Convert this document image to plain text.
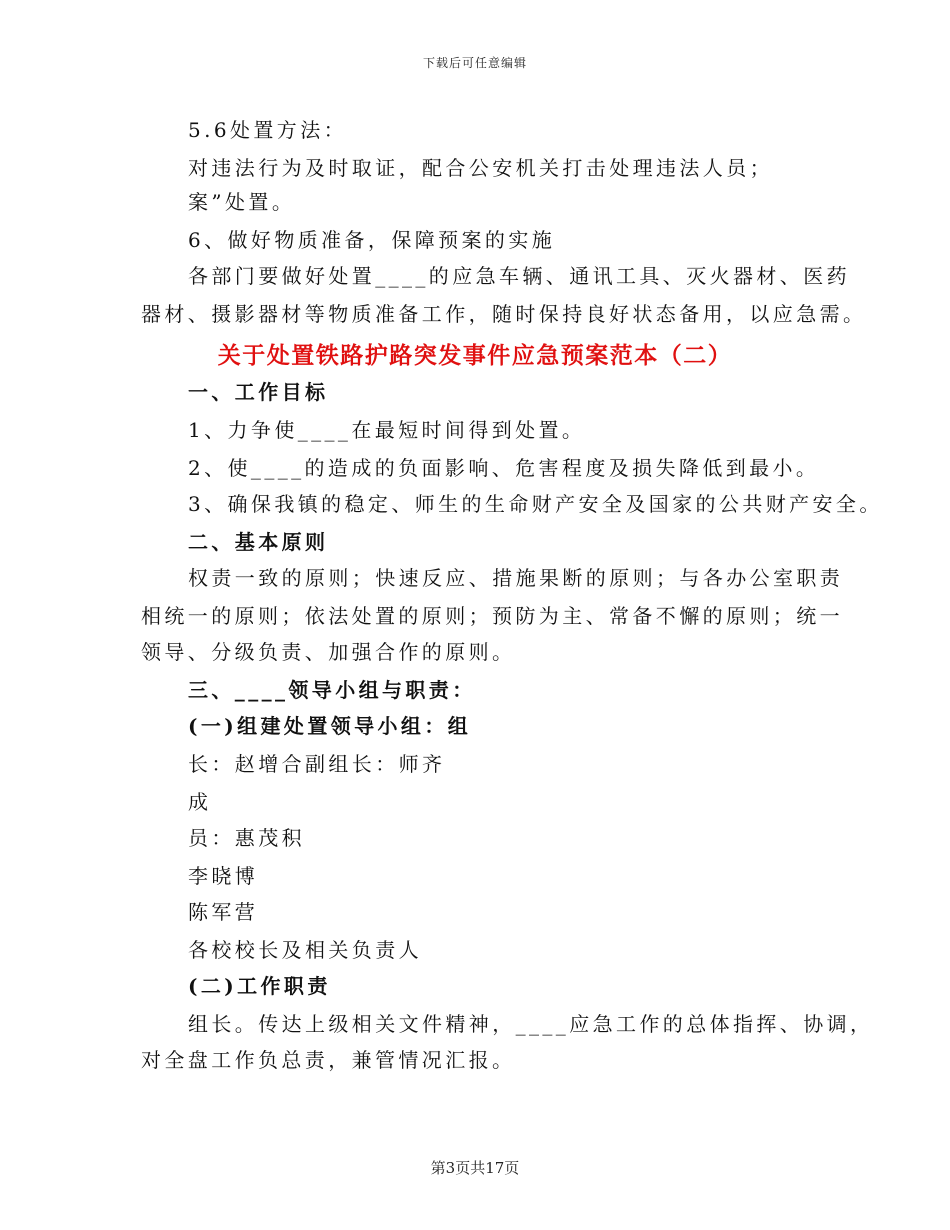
下载后可任意编辑
5.6处置方法：
对违法行为及时取证，配合公安机关打击处理违法人员；
案”处置。
6、做好物质准备，保障预案的实施
各部门要做好处置____的应急车辆、通讯工具、灭火器材、医药
器材、摄影器材等物质准备工作，随时保持良好状态备用，以应急需。
一、工作目标
1、力争使____在最短时间得到处置。
2、使____的造成的负面影响、危害程度及损失降低到最小。
3、确保我镇的稳定、师生的生命财产安全及国家的公共财产安全。
二、基本原则
权责一致的原则；快速反应、措施果断的原则；与各办公室职责
相统一的原则；依法处置的原则；预防为主、常备不懈的原则；统一
领导、分级负责、加强合作的原则。
三、____领导小组与职责：
(一)组建处置领导小组：组
长：赵增合副组长：师齐
成
员：惠茂积
李晓博
陈军营
各校校长及相关负责人
(二)工作职责
组长。传达上级相关文件精神，____应急工作的总体指挥、协调，
对全盘工作负总责，兼管情况汇报。
关于处置铁路护路突发事件应急预案范本（二）
第3页共17页
